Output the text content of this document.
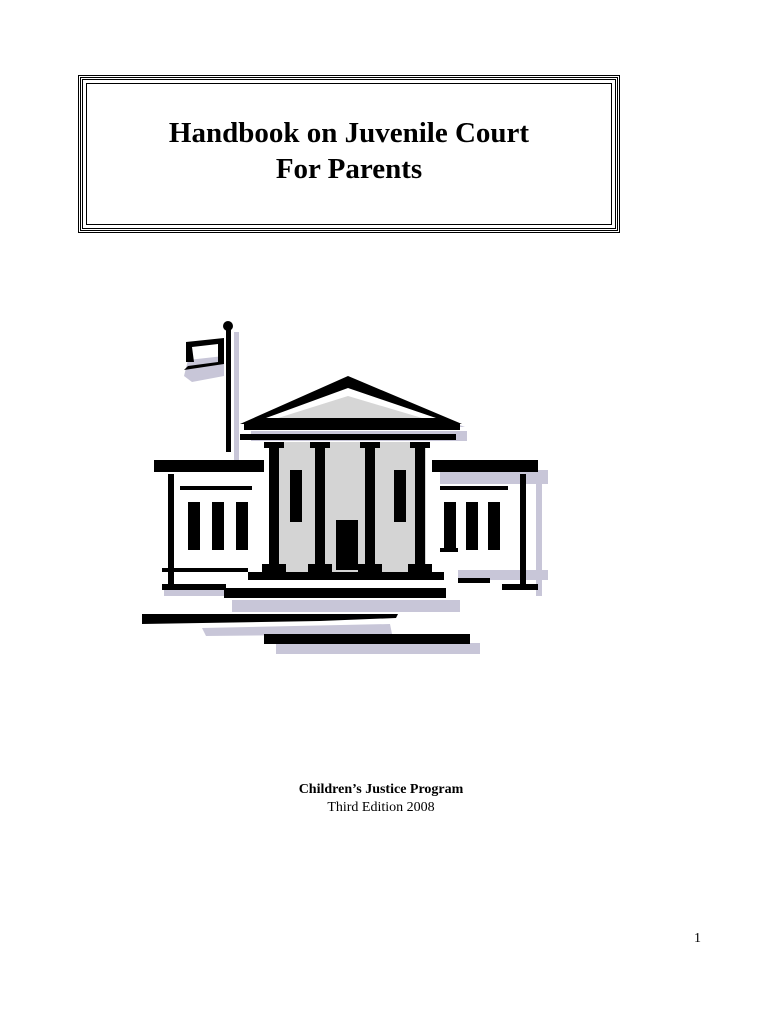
Handbook on Juvenile Court
For Parents
Children’s Justice Program
Third Edition 2008
1
